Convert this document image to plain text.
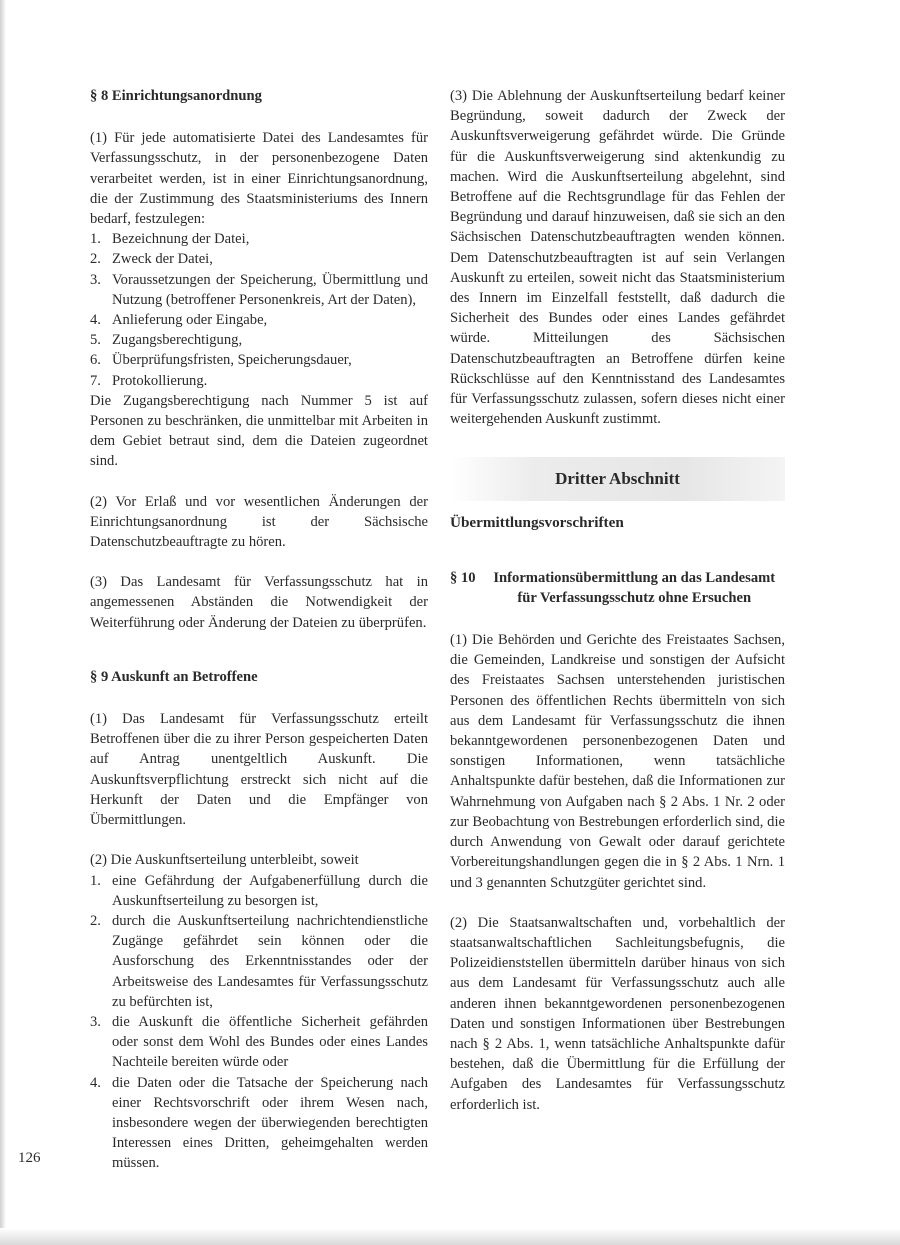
§ 8 Einrichtungsanordnung

(1) Für jede automatisierte Datei des Landesamtes für Verfassungsschutz, in der personenbezogene Daten verarbeitet werden, ist in einer Einrichtungsanordnung, die der Zustimmung des Staatsministeriums des Innern bedarf, festzulegen:

1. Bezeichnung der Datei,
2. Zweck der Datei,
3. Voraussetzungen der Speicherung, Übermittlung und Nutzung (betroffener Personenkreis, Art der Daten),
4. Anlieferung oder Eingabe,
5. Zugangsberechtigung,
6. Überprüfungsfristen, Speicherungsdauer,
7. Protokollierung.

Die Zugangsberechtigung nach Nummer 5 ist auf Personen zu beschränken, die unmittelbar mit Arbeiten in dem Gebiet betraut sind, dem die Dateien zugeordnet sind.

(2) Vor Erlaß und vor wesentlichen Änderungen der Einrichtungsanordnung ist der Sächsische Datenschutzbeauftragte zu hören.

(3) Das Landesamt für Verfassungsschutz hat in angemessenen Abständen die Notwendigkeit der Weiterführung oder Änderung der Dateien zu überprüfen.

§ 9 Auskunft an Betroffene

(1) Das Landesamt für Verfassungsschutz erteilt Betroffenen über die zu ihrer Person gespeicherten Daten auf Antrag unentgeltlich Auskunft. Die Auskunftsverpflichtung erstreckt sich nicht auf die Herkunft der Daten und die Empfänger von Übermittlungen.

(2) Die Auskunftserteilung unterbleibt, soweit

1. eine Gefährdung der Aufgabenerfüllung durch die Auskunftserteilung zu besorgen ist,
2. durch die Auskunftserteilung nachrichtendienstliche Zugänge gefährdet sein können oder die Ausforschung des Erkenntnisstandes oder der Arbeitsweise des Landesamtes für Verfassungsschutz zu befürchten ist,
3. die Auskunft die öffentliche Sicherheit gefährden oder sonst dem Wohl des Bundes oder eines Landes Nachteile bereiten würde oder
4. die Daten oder die Tatsache der Speicherung nach einer Rechtsvorschrift oder ihrem Wesen nach, insbesondere wegen der überwiegenden berechtigten Interessen eines Dritten, geheimgehalten werden müssen.

(3) Die Ablehnung der Auskunftserteilung bedarf keiner Begründung, soweit dadurch der Zweck der Auskunftsverweigerung gefährdet würde. Die Gründe für die Auskunftsverweigerung sind aktenkundig zu machen. Wird die Auskunftserteilung abgelehnt, sind Betroffene auf die Rechtsgrundlage für das Fehlen der Begründung und darauf hinzuweisen, daß sie sich an den Sächsischen Datenschutzbeauftragten wenden können. Dem Datenschutzbeauftragten ist auf sein Verlangen Auskunft zu erteilen, soweit nicht das Staatsministerium des Innern im Einzelfall feststellt, daß dadurch die Sicherheit des Bundes oder eines Landes gefährdet würde. Mitteilungen des Sächsischen Datenschutzbeauftragten an Betroffene dürfen keine Rückschlüsse auf den Kenntnisstand des Landesamtes für Verfassungsschutz zulassen, sofern dieses nicht einer weitergehenden Auskunft zustimmt.

Dritter Abschnitt
Übermittlungsvorschriften
§ 10	Informationsübermittlung an das Landesamt für Verfassungsschutz ohne Ersuchen

(1) Die Behörden und Gerichte des Freistaates Sachsen, die Gemeinden, Landkreise und sonstigen der Aufsicht des Freistaates Sachsen unterstehenden juristischen Personen des öffentlichen Rechts übermitteln von sich aus dem Landesamt für Verfassungsschutz die ihnen bekanntgewordenen personenbezogenen Daten und sonstigen Informationen, wenn tatsächliche Anhaltspunkte dafür bestehen, daß die Informationen zur Wahrnehmung von Aufgaben nach § 2 Abs. 1 Nr. 2 oder zur Beobachtung von Bestrebungen erforderlich sind, die durch Anwendung von Gewalt oder darauf gerichtete Vorbereitungshandlungen gegen die in § 2 Abs. 1 Nrn. 1 und 3 genannten Schutzgüter gerichtet sind.

(2) Die Staatsanwaltschaften und, vorbehaltlich der staatsanwaltschaftlichen Sachleitungsbefugnis, die Polizeidienststellen übermitteln darüber hinaus von sich aus dem Landesamt für Verfassungsschutz auch alle anderen ihnen bekanntgewordenen personenbezogenen Daten und sonstigen Informationen über Bestrebungen nach § 2 Abs. 1, wenn tatsächliche Anhaltspunkte dafür bestehen, daß die Übermittlung für die Erfüllung der Aufgaben des Landesamtes für Verfassungsschutz erforderlich ist.

126
